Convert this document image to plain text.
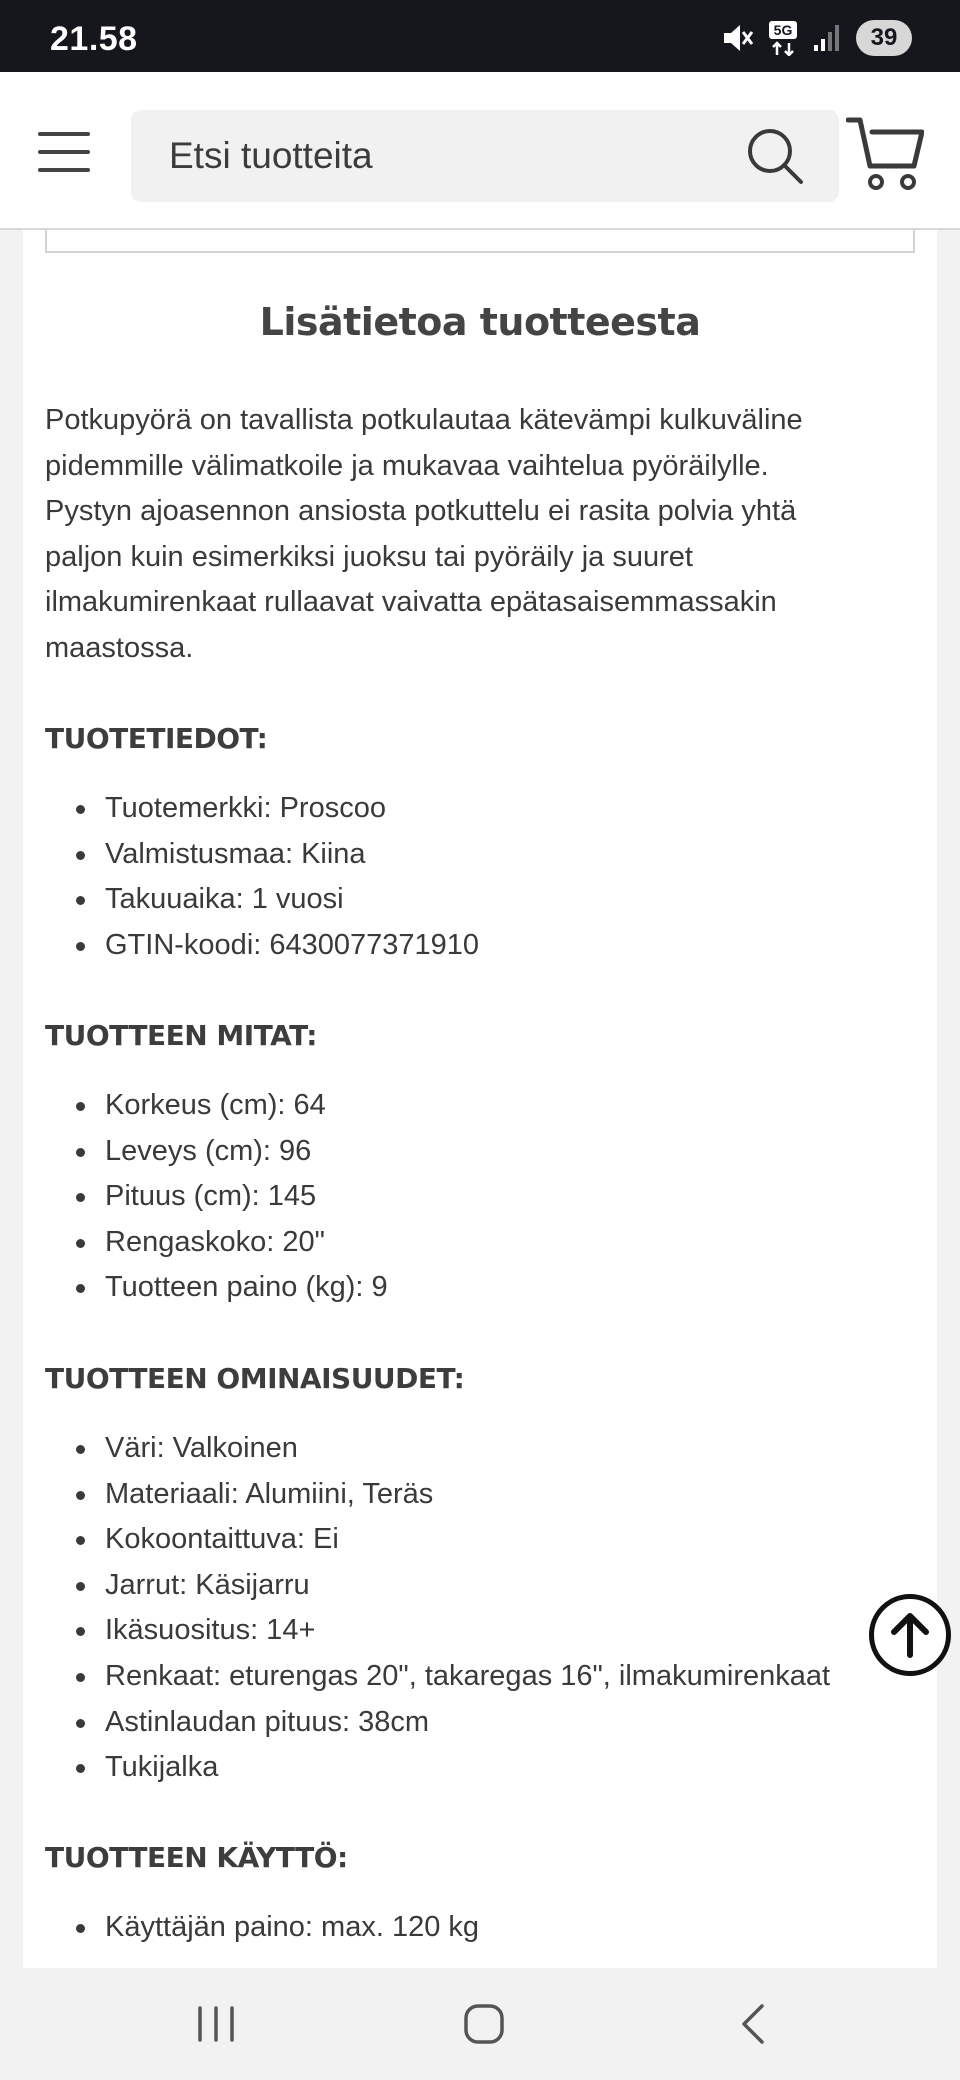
21.58	5G	39
Etsi tuotteita
Lisätietoa tuotteesta
Potkupyörä on tavallista potkulautaa kätevämpi kulkuväline
pidemmille välimatkoile ja mukavaa vaihtelua pyöräilylle.
Pystyn ajoasennon ansiosta potkuttelu ei rasita polvia yhtä
paljon kuin esimerkiksi juoksu tai pyöräily ja suuret
ilmakumirenkaat rullaavat vaivatta epätasaisemmassakin
maastossa.
TUOTETIEDOT:
Tuotemerkki: Proscoo
Valmistusmaa: Kiina
Takuuaika: 1 vuosi
GTIN-koodi: 6430077371910
TUOTTEEN MITAT:
Korkeus (cm): 64
Leveys (cm): 96
Pituus (cm): 145
Rengaskoko: 20"
Tuotteen paino (kg): 9
TUOTTEEN OMINAISUUDET:
Väri: Valkoinen
Materiaali: Alumiini, Teräs
Kokoontaittuva: Ei
Jarrut: Käsijarru
Ikäsuositus: 14+
Renkaat: eturengas 20", takaregas 16", ilmakumirenkaat
Astinlaudan pituus: 38cm
Tukijalka
TUOTTEEN KÄYTTÖ:
Käyttäjän paino: max. 120 kg
